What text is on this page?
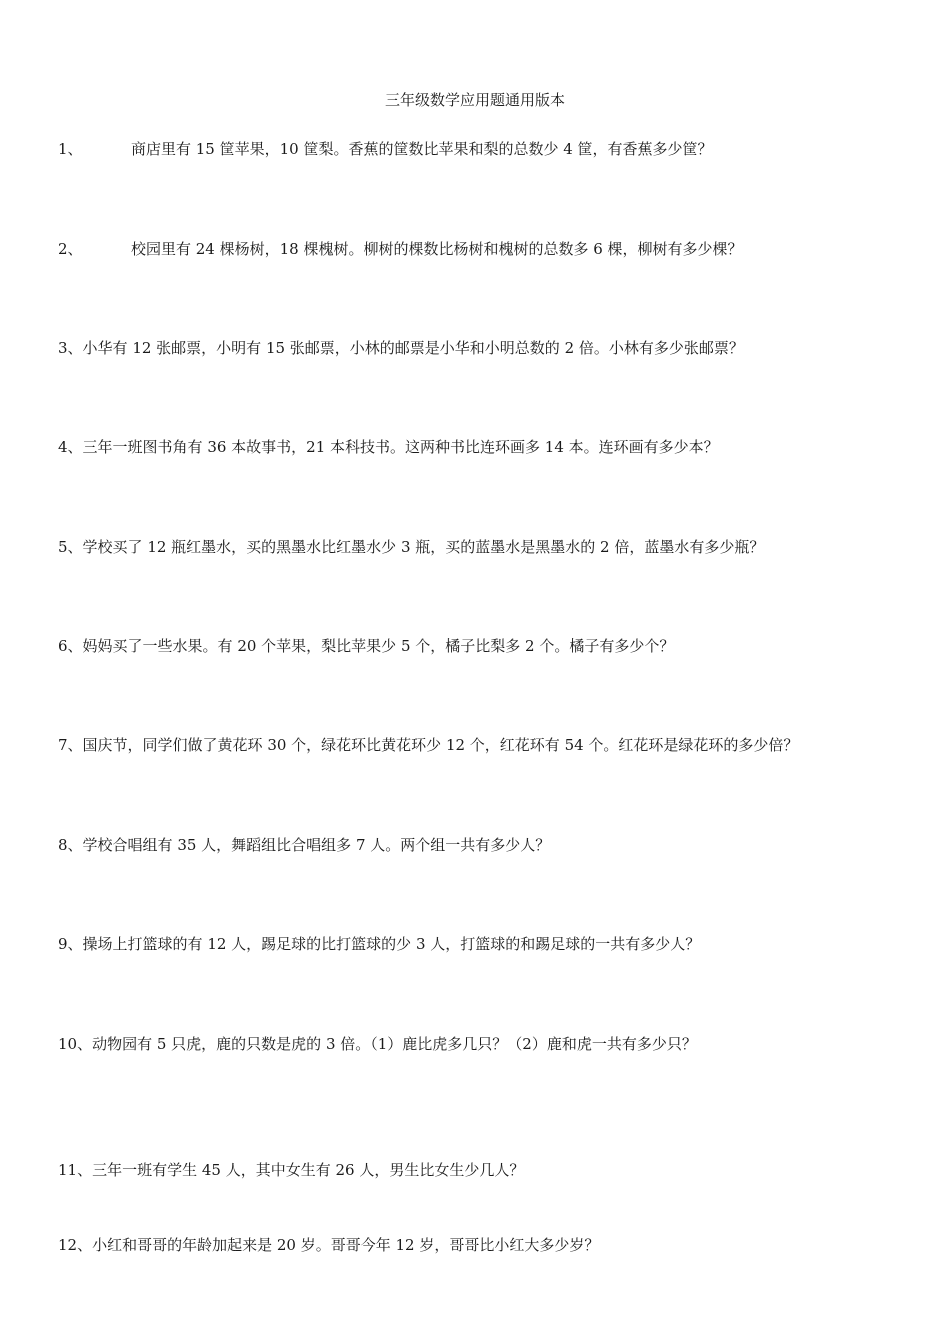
三年级数学应用题通用版本
1、	商店里有 15 筐苹果，10 筐梨。香蕉的筐数比苹果和梨的总数少 4 筐，有香蕉多少筐？
2、	校园里有 24 棵杨树，18 棵槐树。柳树的棵数比杨树和槐树的总数多 6 棵，柳树有多少棵？
3、小华有 12 张邮票，小明有 15 张邮票，小林的邮票是小华和小明总数的 2 倍。小林有多少张邮票？
4、三年一班图书角有 36 本故事书，21 本科技书。这两种书比连环画多 14 本。连环画有多少本？
5、学校买了 12 瓶红墨水，买的黑墨水比红墨水少 3 瓶，买的蓝墨水是黑墨水的 2 倍，蓝墨水有多少瓶？
6、妈妈买了一些水果。有 20 个苹果，梨比苹果少 5 个，橘子比梨多 2 个。橘子有多少个？
7、国庆节，同学们做了黄花环 30 个，绿花环比黄花环少 12 个，红花环有 54 个。红花环是绿花环的多少倍？
8、学校合唱组有 35 人，舞蹈组比合唱组多 7 人。两个组一共有多少人？
9、操场上打篮球的有 12 人，踢足球的比打篮球的少 3 人，打篮球的和踢足球的一共有多少人？
10、动物园有 5 只虎，鹿的只数是虎的 3 倍。（1）鹿比虎多几只？（2）鹿和虎一共有多少只？
11、三年一班有学生 45 人，其中女生有 26 人，男生比女生少几人？
12、小红和哥哥的年龄加起来是 20 岁。哥哥今年 12 岁，哥哥比小红大多少岁？
